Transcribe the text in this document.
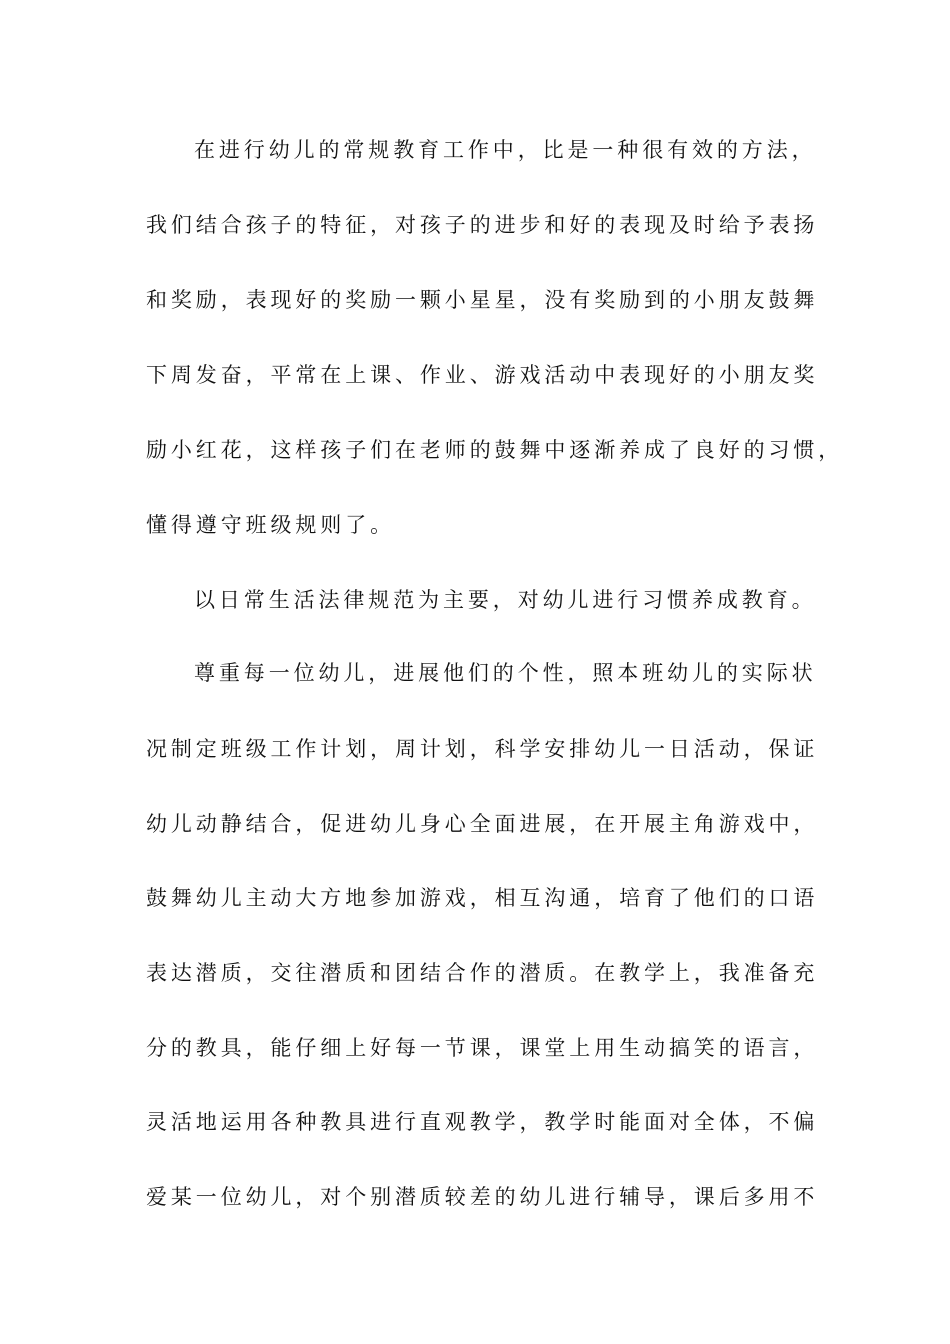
在进行幼儿的常规教育工作中，比是一种很有效的方法，
我们结合孩子的特征，对孩子的进步和好的表现及时给予表扬
和奖励，表现好的奖励一颗小星星，没有奖励到的小朋友鼓舞
下周发奋，平常在上课、作业、游戏活动中表现好的小朋友奖
励小红花，这样孩子们在老师的鼓舞中逐渐养成了良好的习惯，
懂得遵守班级规则了。
以日常生活法律规范为主要，对幼儿进行习惯养成教育。
尊重每一位幼儿，进展他们的个性，照本班幼儿的实际状
况制定班级工作计划，周计划，科学安排幼儿一日活动，保证
幼儿动静结合，促进幼儿身心全面进展，在开展主角游戏中，
鼓舞幼儿主动大方地参加游戏，相互沟通，培育了他们的口语
表达潜质，交往潜质和团结合作的潜质。在教学上，我准备充
分的教具，能仔细上好每一节课，课堂上用生动搞笑的语言，
灵活地运用各种教具进行直观教学，教学时能面对全体，不偏
爱某一位幼儿，对个别潜质较差的幼儿进行辅导，课后多用不
